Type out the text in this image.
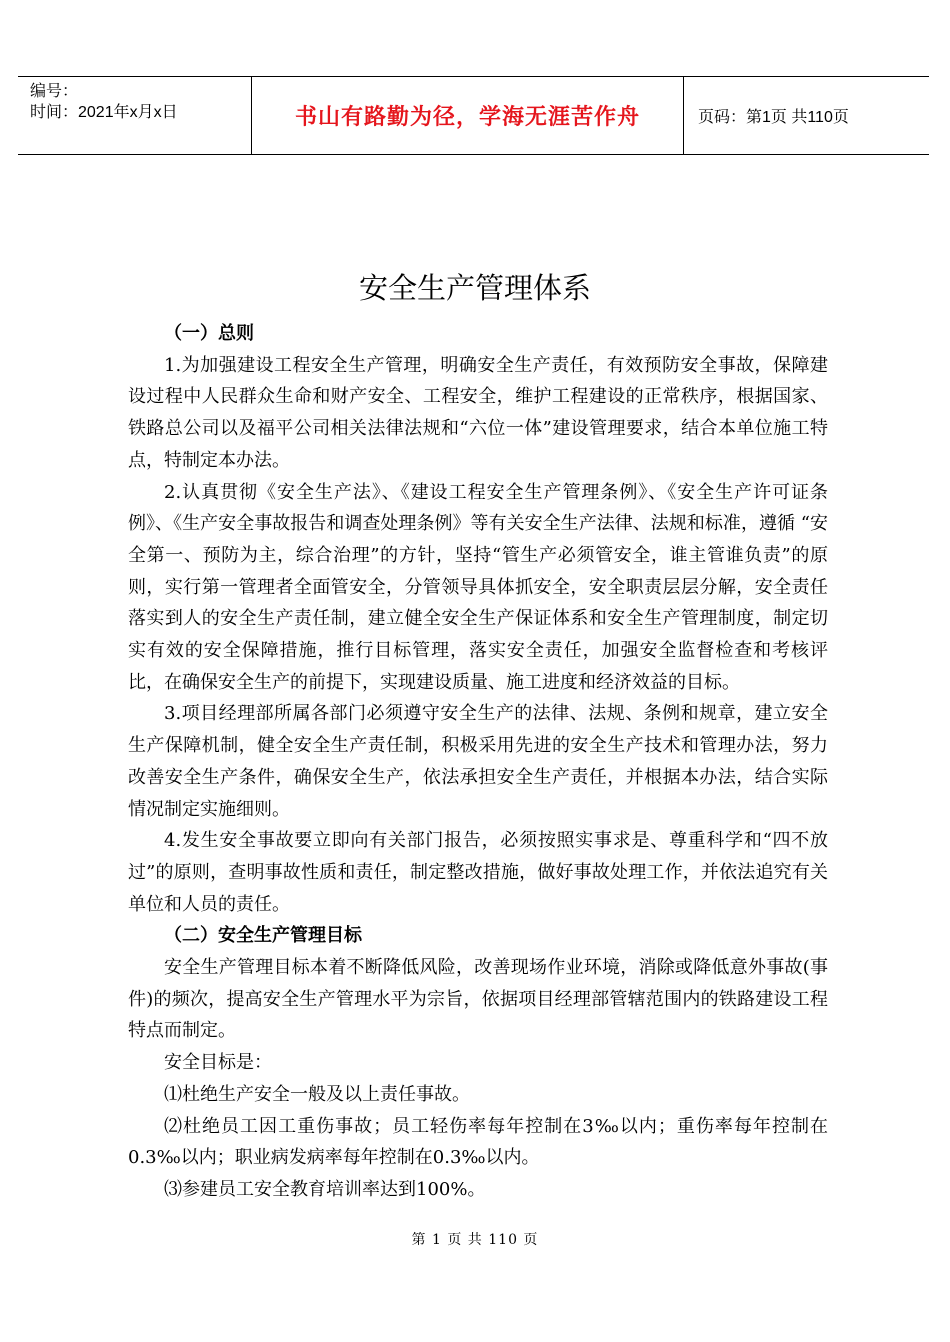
编号：
时间：2021年x月x日	书山有路勤为径，学海无涯苦作舟	页码：第1页 共110页
安全生产管理体系
（一）总则

1.为加强建设工程安全生产管理，明确安全生产责任，有效预防安全事故，保障建设过程中人民群众生命和财产安全、工程安全，维护工程建设的正常秩序，根据国家、铁路总公司以及福平公司相关法律法规和“六位一体”建设管理要求，结合本单位施工特点，特制定本办法。

2.认真贯彻《安全生产法》、《建设工程安全生产管理条例》、《安全生产许可证条例》、《生产安全事故报告和调查处理条例》等有关安全生产法律、法规和标准，遵循 “安全第一、预防为主，综合治理”的方针，坚持“管生产必须管安全，谁主管谁负责”的原则，实行第一管理者全面管安全，分管领导具体抓安全，安全职责层层分解，安全责任落实到人的安全生产责任制，建立健全安全生产保证体系和安全生产管理制度，制定切实有效的安全保障措施，推行目标管理，落实安全责任，加强安全监督检查和考核评比，在确保安全生产的前提下，实现建设质量、施工进度和经济效益的目标。

3.项目经理部所属各部门必须遵守安全生产的法律、法规、条例和规章，建立安全生产保障机制，健全安全生产责任制，积极采用先进的安全生产技术和管理办法，努力改善安全生产条件，确保安全生产，依法承担安全生产责任，并根据本办法，结合实际情况制定实施细则。

4.发生安全事故要立即向有关部门报告，必须按照实事求是、尊重科学和“四不放过”的原则，查明事故性质和责任，制定整改措施，做好事故处理工作，并依法追究有关单位和人员的责任。

（二）安全生产管理目标

安全生产管理目标本着不断降低风险，改善现场作业环境，消除或降低意外事故(事件)的频次，提高安全生产管理水平为宗旨，依据项目经理部管辖范围内的铁路建设工程特点而制定。

安全目标是：

⑴杜绝生产安全一般及以上责任事故。

⑵杜绝员工因工重伤事故；员工轻伤率每年控制在3‰以内；重伤率每年控制在0.3‰以内；职业病发病率每年控制在0.3‰以内。

⑶参建员工安全教育培训率达到100%。

第 1 页 共 110 页
